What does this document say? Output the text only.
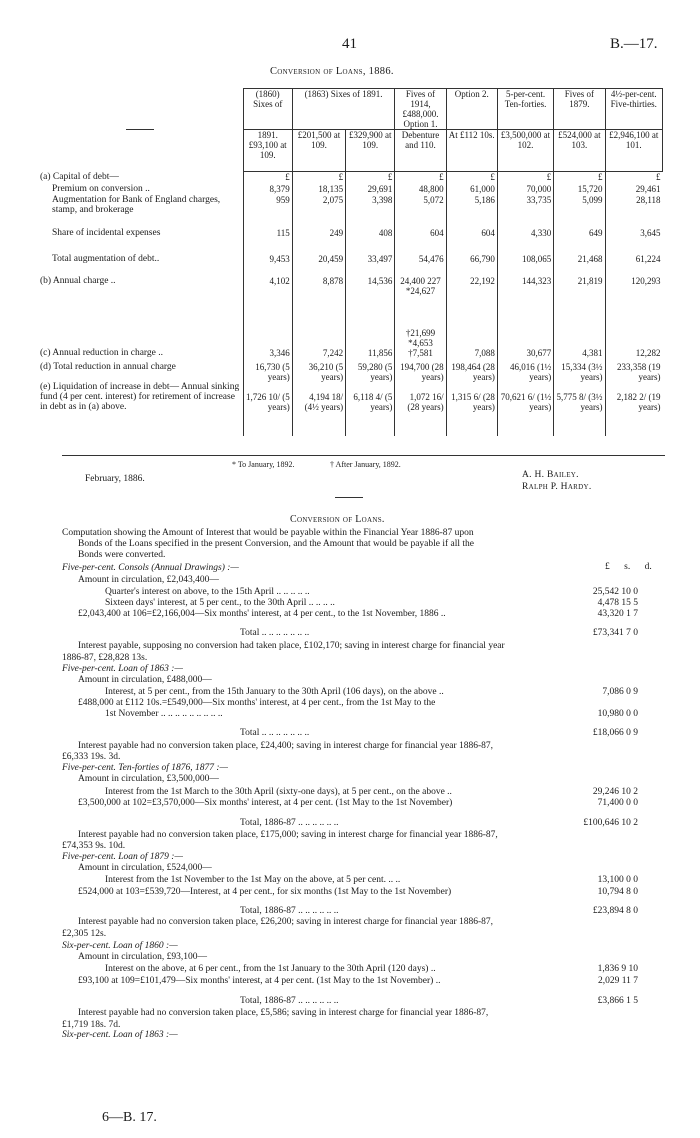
41	B.—17.
Conversion of Loans, 1886.
	(1860) Sixes of	(1863) Sixes of 1891.		Fives of 1914, £488,000. Option 1.	Option 2.	5-per-cent. Ten-forties.	Fives of 1879.	4½-per-cent. Five-thirties.
	1891. £93,100 at 109.	£201,500 at 109.	£329,900 at 109.	Debenture and 110.	At £112 10s.	£3,500,000 at 102.	£524,000 at 103.	£2,946,100 at 101.
(a) Capital of debt—	£	£	£	£	£	£	£	£
Premium on conversion ..	8,379	18,135	29,691	48,800	61,000	70,000	15,720	29,461
Augmentation for Bank of England charges, stamp, and brokerage	959	2,075	3,398	5,072	5,186	33,735	5,099	28,118
Share of incidental expenses	115	249	408	604	604	4,330	649	3,645
Total augmentation of debt..	9,453	20,459	33,497	54,476	66,790	108,065	21,468	61,224
(b) Annual charge ..	4,102	8,878	14,536	24,400 227 *24,627	22,192	144,323	21,819	120,293
(c) Annual reduction in charge ..	3,346	7,242	11,856	†21,699 *4,653 †7,581	7,088	30,677	4,381	12,282
(d) Total reduction in annual charge	16,730 (5 years)	36,210 (5 years)	59,280 (5 years)	194,700 (28 years)	198,464 (28 years)	46,016 (1½ years)	15,334 (3½ years)	233,358 (19 years)
(e) Liquidation of increase in debt— Annual sinking fund (4 per cent. interest) for retirement of increase in debt as in (a) above.	1,726 10/ (5 years)	4,194 18/ (4½ years)	6,118 4/ (5 years)	1,072 16/ (28 years)	1,315 6/ (28 years)	70,621 6/ (1½ years)	5,775 8/ (3½ years)	2,182 2/ (19 years)
February, 1886.
* To January, 1892.	† After January, 1892.
A. H. Bailey.
Ralph P. Hardy.
Conversion of Loans.
Computation showing the Amount of Interest that would be payable within the Financial Year 1886-87 upon
Bonds of the Loans specified in the present Conversion, and the Amount that would be payable if all the
Bonds were converted.
£ s. d.
Five-per-cent. Consols (Annual Drawings) :—
Amount in circulation, £2,043,400—
Quarter's interest on above, to the 15th April .. .. .. .. ..	25,542 10 0
Sixteen days' interest, at 5 per cent., to the 30th April .. .. .. ..	4,478 15 5
£2,043,400 at 106=£2,166,004—Six months' interest, at 4 per cent., to the 1st November, 1886 ..	43,320 1 7
Total .. .. .. .. .. .. ..	£73,341 7 0
Interest payable, supposing no conversion had taken place, £102,170; saving in interest charge for financial year
1886-87, £28,828 13s.
Five-per-cent. Loan of 1863 :—
Amount in circulation, £488,000—
Interest, at 5 per cent., from the 15th January to the 30th April (106 days), on the above ..	7,086 0 9
£488,000 at £112 10s.=£549,000—Six months' interest, at 4 per cent., from the 1st May to the
1st November .. .. .. .. .. .. .. .. ..	10,980 0 0
Total .. .. .. .. .. .. ..	£18,066 0 9
Interest payable had no conversion taken place, £24,400; saving in interest charge for financial year 1886-87,
£6,333 19s. 3d.
Five-per-cent. Ten-forties of 1876, 1877 :—
Amount in circulation, £3,500,000—
Interest from the 1st March to the 30th April (sixty-one days), at 5 per cent., on the above ..	29,246 10 2
£3,500,000 at 102=£3,570,000—Six months' interest, at 4 per cent. (1st May to the 1st November)	71,400 0 0
Total, 1886-87 .. .. .. .. .. ..	£100,646 10 2
Interest payable had no conversion taken place, £175,000; saving in interest charge for financial year 1886-87,
£74,353 9s. 10d.
Five-per-cent. Loan of 1879 :—
Amount in circulation, £524,000—
Interest from the 1st November to the 1st May on the above, at 5 per cent. .. ..	13,100 0 0
£524,000 at 103=£539,720—Interest, at 4 per cent., for six months (1st May to the 1st November)	10,794 8 0
Total, 1886-87 .. .. .. .. .. ..	£23,894 8 0
Interest payable had no conversion taken place, £26,200; saving in interest charge for financial year 1886-87,
£2,305 12s.
Six-per-cent. Loan of 1860 :—
Amount in circulation, £93,100—
Interest on the above, at 6 per cent., from the 1st January to the 30th April (120 days) ..	1,836 9 10
£93,100 at 109=£101,479—Six months' interest, at 4 per cent. (1st May to the 1st November) ..	2,029 11 7
Total, 1886-87 .. .. .. .. .. ..	£3,866 1 5
Interest payable had no conversion taken place, £5,586; saving in interest charge for financial year 1886-87,
£1,719 18s. 7d.
Six-per-cent. Loan of 1863 :—
6—B. 17.
